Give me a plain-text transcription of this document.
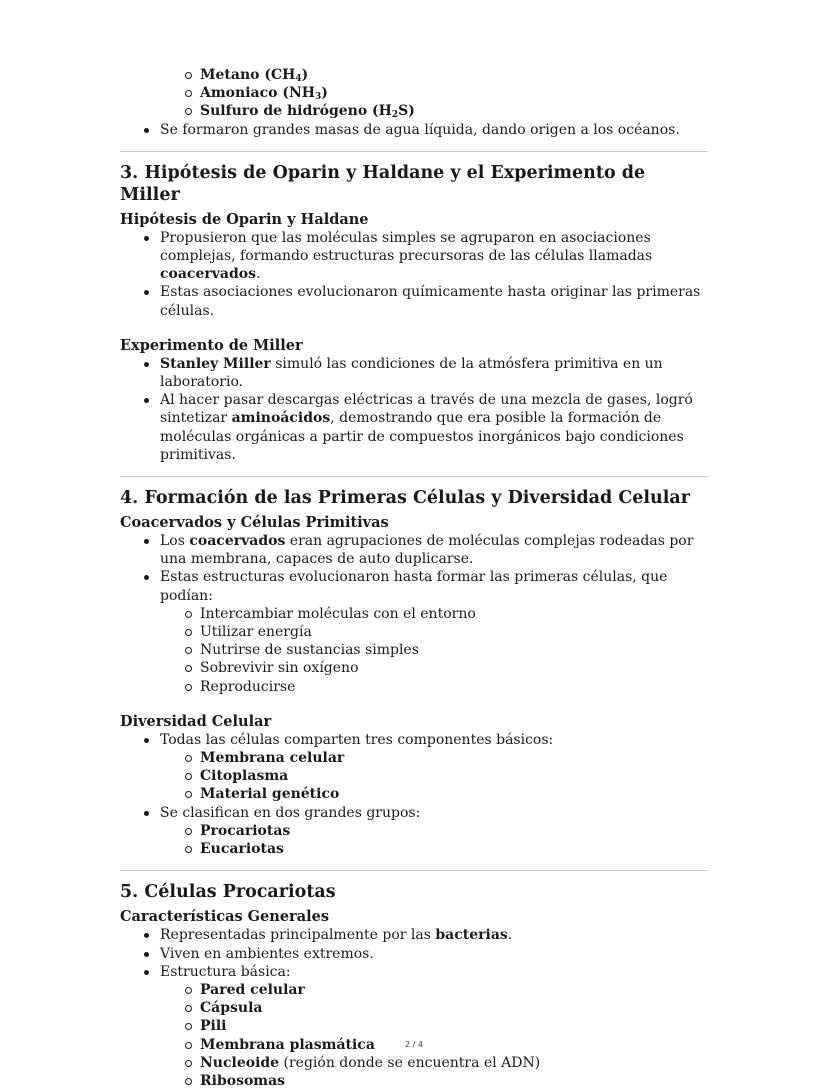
Metano $(CH_4)$
Amoniaco $(NH_3)$
Sulfuro de hidrógeno $(H_2S)$
Se formaron grandes masas de agua líquida, dando origen a los océanos.
3. Hipótesis de Oparin y Haldane y el Experimento de Miller
Hipótesis de Oparin y Haldane
Propusieron que las moléculas simples se agruparon en asociaciones complejas, formando estructuras precursoras de las células llamadas coacervados.
Estas asociaciones evolucionaron químicamente hasta originar las primeras células.
Experimento de Miller
Stanley Miller simuló las condiciones de la atmósfera primitiva en un laboratorio.
Al hacer pasar descargas eléctricas a través de una mezcla de gases, logró sintetizar aminoácidos, demostrando que era posible la formación de moléculas orgánicas a partir de compuestos inorgánicos bajo condiciones primitivas.
4. Formación de las Primeras Células y Diversidad Celular
Coacervados y Células Primitivas
Los coacervados eran agrupaciones de moléculas complejas rodeadas por una membrana, capaces de auto duplicarse.
Estas estructuras evolucionaron hasta formar las primeras células, que podían:
Intercambiar moléculas con el entorno
Utilizar energía
Nutrirse de sustancias simples
Sobrevivir sin oxígeno
Reproducirse
Diversidad Celular
Todas las células comparten tres componentes básicos:
Membrana celular
Citoplasma
Material genético
Se clasifican en dos grandes grupos:
Procariotas
Eucariotas
5. Células Procariotas
Características Generales
Representadas principalmente por las bacterias.
Viven en ambientes extremos.
Estructura básica:
Pared celular
Cápsula
Pili
Membrana plasmática
Nucleoide (región donde se encuentra el ADN)
Ribosomas
2 / 4
